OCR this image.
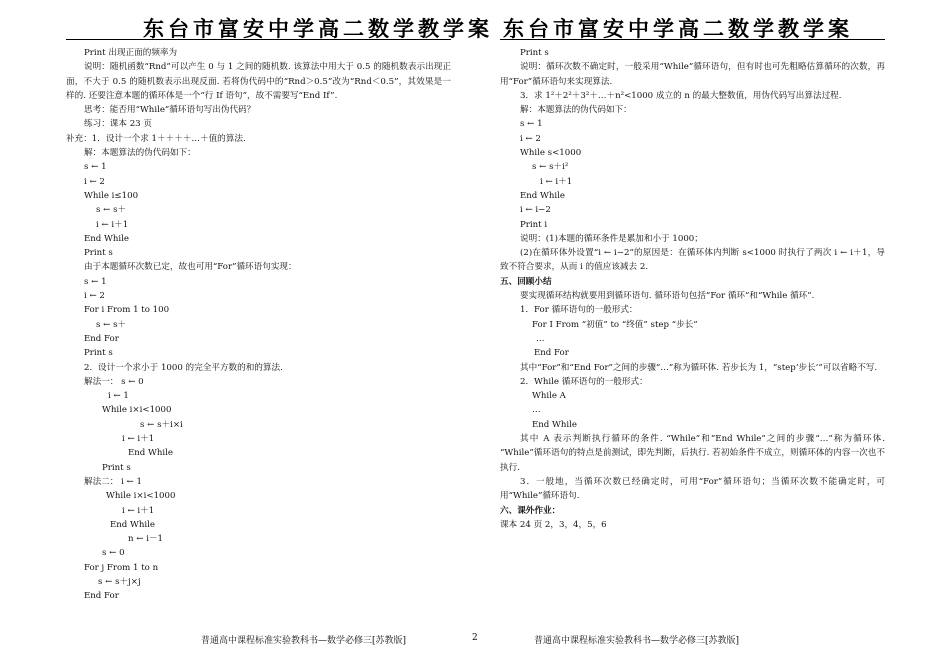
东台市富安中学高二数学教学案 东台市富安中学高二数学教学案
Print 出现正面的频率为
说明：随机函数“Rnd”可以产生 0 与 1 之间的随机数. 该算法中用大于 0.5 的随机数表示出现正面，不大于 0.5 的随机数表示出现反面. 若将伪代码中的“Rnd＞0.5”改为“Rnd＜0.5”，其效果是一样的. 还要注意本题的循环体是一个“行 If 语句”，故不需要写“End If”.
思考：能否用“While”循环语句写出伪代码？
练习：课本 23 页
补充：1．设计一个求 1＋＋＋＋…＋值的算法.
解：本题算法的伪代码如下：
s ← 1
i ← 2
While i≤100
s ← s＋
i ← i＋1
End While
Print s
由于本题循环次数已定，故也可用“For”循环语句实现：
s ← 1
i ← 2
For i From 1 to 100
s ← s＋
End For
Print s
2．设计一个求小于 1000 的完全平方数的和的算法.
解法一： s ← 0
i ← 1
While i×i<1000
s ← s＋i×i
i ← i＋1
End While
Print s
解法二： i ← 1
While i×i<1000
i ← i＋1
End While
n ← i－1
s ← 0
For j From 1 to n
s ← s＋j×j
End For
Print s
说明：循环次数不确定时，一般采用“While”循环语句，但有时也可先粗略估算循环的次数，再用“For”循环语句来实现算法.
3．求 1²＋2²＋3²＋…＋n²<1000 成立的 n 的最大整数值，用伪代码写出算法过程.
解：本题算法的伪代码如下：
s ← 1
i ← 2
While s<1000
s ← s＋i²
i ← i＋1
End While
i ← i−2
Print i
说明：(1)本题的循环条件是累加和小于 1000；
(2)在循环体外设置“i ← i−2”的原因是：在循环体内判断 s<1000 时执行了两次 i ← i＋1，导致不符合要求，从而 i 的值应该减去 2.
五、回顾小结
要实现循环结构就要用到循环语句. 循环语句包括“For 循环”和“While 循环”.
1．For 循环语句的一般形式：
For I From “初值” to “终值” step “步长”
…
End For
其中“For”和“End For”之间的步骤“…”称为循环体. 若步长为 1，“step‘步长’”可以省略不写.
2．While 循环语句的一般形式：
While A
…
End While
其中 A 表示判断执行循环的条件. “While”和“End While”之间的步骤“…”称为循环体. “While”循环语句的特点是前测试，即先判断，后执行. 若初始条件不成立，则循环体的内容一次也不执行.
3．一般地，当循环次数已经确定时，可用“For”循环语句；当循环次数不能确定时，可用“While”循环语句.
六、课外作业：
课本 24 页 2，3，4，5，6
普通高中课程标准实验教科书—数学必修三[苏教版]	2	普通高中课程标准实验教科书—数学必修三[苏教版]
